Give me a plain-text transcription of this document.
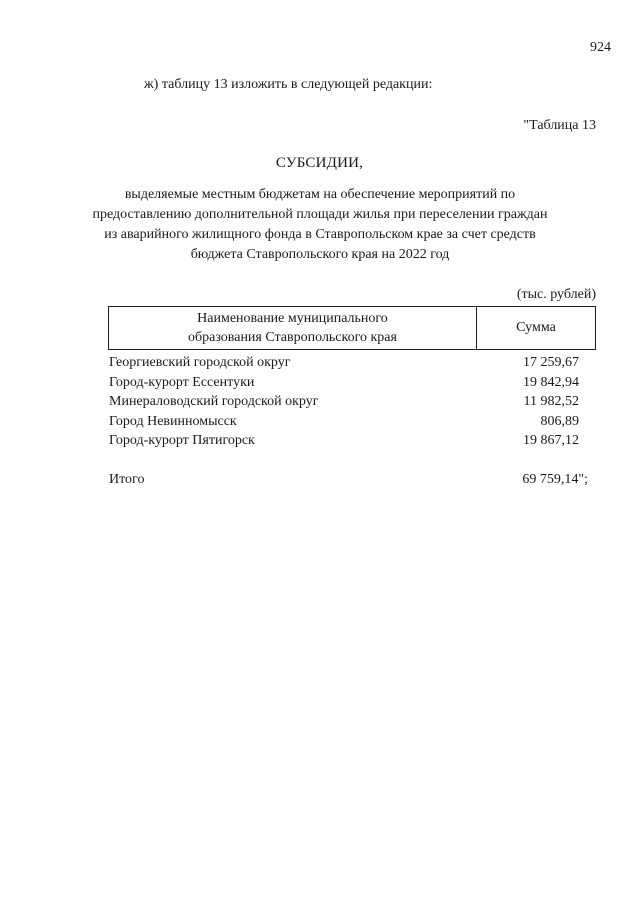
924
ж) таблицу 13 изложить в следующей редакции:
"Таблица 13
СУБСИДИИ,
выделяемые местным бюджетам на обеспечение мероприятий по предоставлению дополнительной площади жилья при переселении граждан из аварийного жилищного фонда в Ставропольском крае за счет средств бюджета Ставропольского края на 2022 год
(тыс. рублей)
Наименование муниципального
образования Ставропольского края
Сумма
Георгиевский городской округ	17 259,67
Город-курорт Ессентуки	19 842,94
Минераловодский городской округ	11 982,52
Город Невинномысск	806,89
Город-курорт Пятигорск	19 867,12
Итого	69 759,14";
